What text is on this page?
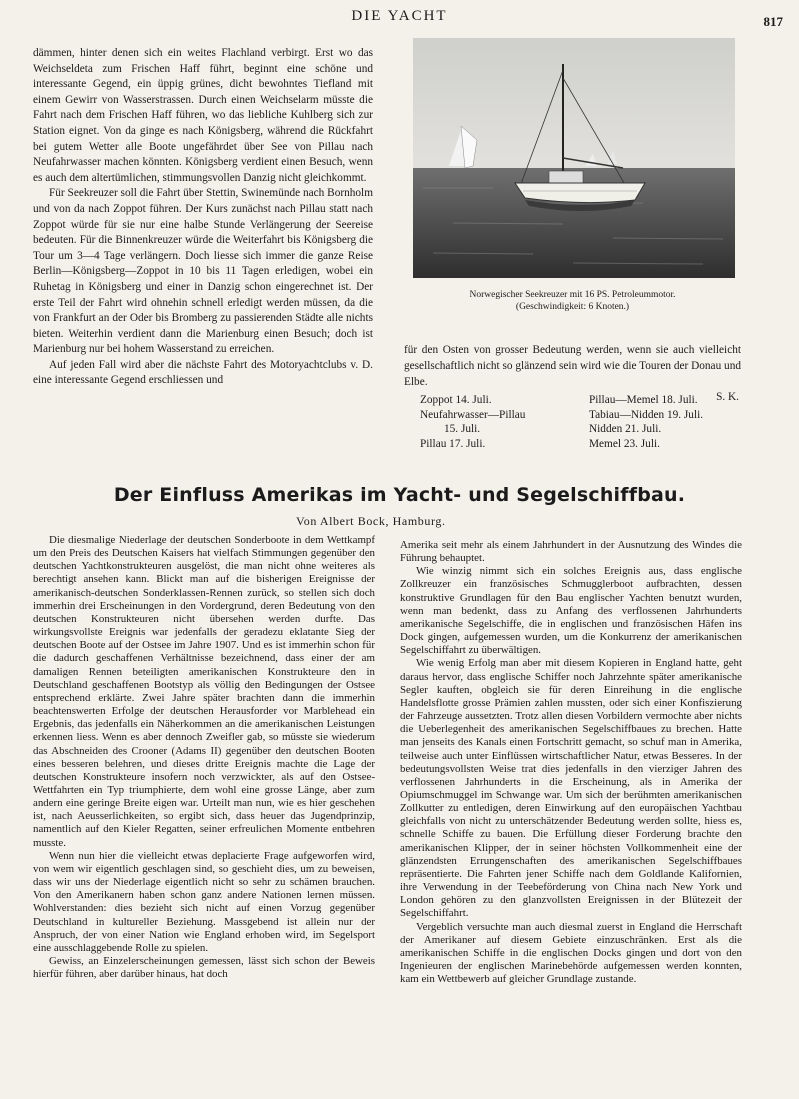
DIE YACHT	817

dämmen, hinter denen sich ein weites Flachland verbirgt. Erst wo das Weichseldeta zum Frischen Haff führt, beginnt eine schöne und interessante Gegend, ein üppig grünes, dicht bewohntes Tiefland mit einem Gewirr von Wasserstrassen. Durch einen Weichselarm müsste die Fahrt nach dem Frischen Haff führen, wo das liebliche Kuhlberg sich zur Station eignet. Von da ginge es nach Königsberg, während die Rückfahrt bei gutem Wetter alle Boote ungefährdet über See von Pillau nach Neufahrwasser machen könnten. Königsberg verdient einen Besuch, wenn es auch dem altertümlichen, stimmungsvollen Danzig nicht gleichkommt.

Für Seekreuzer soll die Fahrt über Stettin, Swinemünde nach Bornholm und von da nach Zoppot führen. Der Kurs zunächst nach Pillau statt nach Zoppot würde für sie nur eine halbe Stunde Verlängerung der Seereise bedeuten. Für die Binnenkreuzer würde die Weiterfahrt bis Königsberg die Tour um 3—4 Tage verlängern. Doch liesse sich immer die ganze Reise Berlin—Königsberg—Zoppot in 10 bis 11 Tagen erledigen, wobei ein Ruhetag in Königsberg und einer in Danzig schon eingerechnet ist. Der erste Teil der Fahrt wird ohnehin schnell erledigt werden müssen, da die von Frankfurt an der Oder bis Bromberg zu passierenden Städte alle nichts bieten. Weiterhin verdient dann die Marienburg einen Besuch; doch ist Marienburg nur bei hohem Wasserstand zu erreichen.

Auf jeden Fall wird aber die nächste Fahrt des Motoryachtclubs v. D. eine interessante Gegend erschliessen und

Norwegischer Seekreuzer mit 16 PS. Petroleummotor.
(Geschwindigkeit: 6 Knoten.)

für den Osten von grosser Bedeutung werden, wenn sie auch vielleicht gesellschaftlich nicht so glänzend sein wird wie die Touren der Donau und Elbe.

S. K.
Zoppot 14. Juli.
Neufahrwasser—Pillau
15. Juli.
Pillau 17. Juli.
Pillau—Memel 18. Juli.
Tabiau—Nidden 19. Juli.
Nidden 21. Juli.
Memel 23. Juli.
Der Einfluss Amerikas im Yacht- und Segelschiffbau.
Von Albert Bock, Hamburg.

Die diesmalige Niederlage der deutschen Sonderboote in dem Wettkampf um den Preis des Deutschen Kaisers hat vielfach Stimmungen gegenüber den deutschen Yachtkonstrukteuren ausgelöst, die man nicht ohne weiteres als berechtigt ansehen kann. Blickt man auf die bisherigen Ereignisse der amerikanisch-deutschen Sonderklassen-Rennen zurück, so stellen sich doch immerhin drei Erscheinungen in den Vordergrund, deren Bedeutung von den deutschen Konstrukteuren nicht übersehen werden durfte. Das wirkungsvollste Ereignis war jedenfalls der geradezu eklatante Sieg der deutschen Boote auf der Ostsee im Jahre 1907. Und es ist immerhin schon für die dadurch geschaffenen Verhältnisse bezeichnend, dass einer der am damaligen Rennen beteiligten amerikanischen Konstrukteure den in Deutschland geschaffenen Bootstyp als völlig den Bedingungen der Ostsee entsprechend erklärte. Zwei Jahre später brachten dann die immerhin beachtenswerten Erfolge der deutschen Herausforder vor Marblehead ein Ergebnis, das jedenfalls ein Näherkommen an die amerikanischen Leistungen erkennen liess. Wenn es aber dennoch Zweifler gab, so müsste sie wiederum das Abschneiden des Crooner (Adams II) gegenüber den deutschen Booten eines besseren belehren, und dieses dritte Ereignis machte die Lage der deutschen Konstrukteure insofern noch verzwickter, als auf den Ostsee-Wettfahrten ein Typ triumphierte, dem wohl eine grosse Länge, aber zum andern eine geringe Breite eigen war. Urteilt man nun, wie es hier geschehen ist, nach Aeusserlichkeiten, so ergibt sich, dass heuer das Jugendprinzip, namentlich auf den Kieler Regatten, seiner erfreulichen Momente entbehren musste.

Wenn nun hier die vielleicht etwas deplacierte Frage aufgeworfen wird, von wem wir eigentlich geschlagen sind, so geschieht dies, um zu beweisen, dass wir uns der Niederlage eigentlich nicht so sehr zu schämen brauchen. Von den Amerikanern haben schon ganz andere Nationen lernen müssen. Wohlverstanden: dies bezieht sich nicht auf einen Vorzug gegenüber Deutschland in kultureller Beziehung. Massgebend ist allein nur der Anspruch, der von einer Nation wie England erhoben wird, im Segelsport eine ausschlaggebende Rolle zu spielen.

Gewiss, an Einzelerscheinungen gemessen, lässt sich schon der Beweis hierfür führen, aber darüber hinaus, hat doch

Amerika seit mehr als einem Jahrhundert in der Ausnutzung des Windes die Führung behauptet.

Wie winzig nimmt sich ein solches Ereignis aus, dass englische Zollkreuzer ein französisches Schmugglerboot aufbrachten, dessen konstruktive Grundlagen für den Bau englischer Yachten benutzt wurden, wenn man bedenkt, dass zu Anfang des verflossenen Jahrhunderts amerikanische Segelschiffe, die in englischen und französischen Häfen ins Dock gingen, aufgemessen wurden, um die Konkurrenz der amerikanischen Segelschiffahrt zu überwältigen.

Wie wenig Erfolg man aber mit diesem Kopieren in England hatte, geht daraus hervor, dass englische Schiffer noch Jahrzehnte später amerikanische Segler kauften, obgleich sie für deren Einreihung in die englische Handelsflotte grosse Prämien zahlen mussten, oder sich einer Konfiszierung der Fahrzeuge aussetzten. Trotz allen diesen Vorbildern vermochte aber nichts die Ueberlegenheit des amerikanischen Segelschiffbaues zu brechen. Hatte man jenseits des Kanals einen Fortschritt gemacht, so schuf man in Amerika, teilweise auch unter Einflüssen wirtschaftlicher Natur, etwas Besseres. In der bedeutungsvollsten Weise trat dies jedenfalls in den vierziger Jahren des verflossenen Jahrhunderts in die Erscheinung, als in Amerika der Opiumschmuggel im Schwange war. Um sich der berühmten amerikanischen Zollkutter zu entledigen, deren Einwirkung auf den europäischen Yachtbau gleichfalls von nicht zu unterschätzender Bedeutung werden sollte, hiess es, schnelle Schiffe zu bauen. Die Erfüllung dieser Forderung brachte den amerikanischen Klipper, der in seiner höchsten Vollkommenheit eine der glänzendsten Errungenschaften des amerikanischen Segelschiffbaues repräsentierte. Die Fahrten jener Schiffe nach dem Goldlande Kalifornien, ihre Verwendung in der Teebeförderung von China nach New York und London gehören zu den glanzvollsten Ereignissen in der Blütezeit der Segelschiffahrt.

Vergeblich versuchte man auch diesmal zuerst in England die Herrschaft der Amerikaner auf diesem Gebiete einzuschränken. Erst als die amerikanischen Schiffe in die englischen Docks gingen und dort von den Ingenieuren der englischen Marinebehörde aufgemessen werden konnten, kam ein Wettbewerb auf gleicher Grundlage zustande.
